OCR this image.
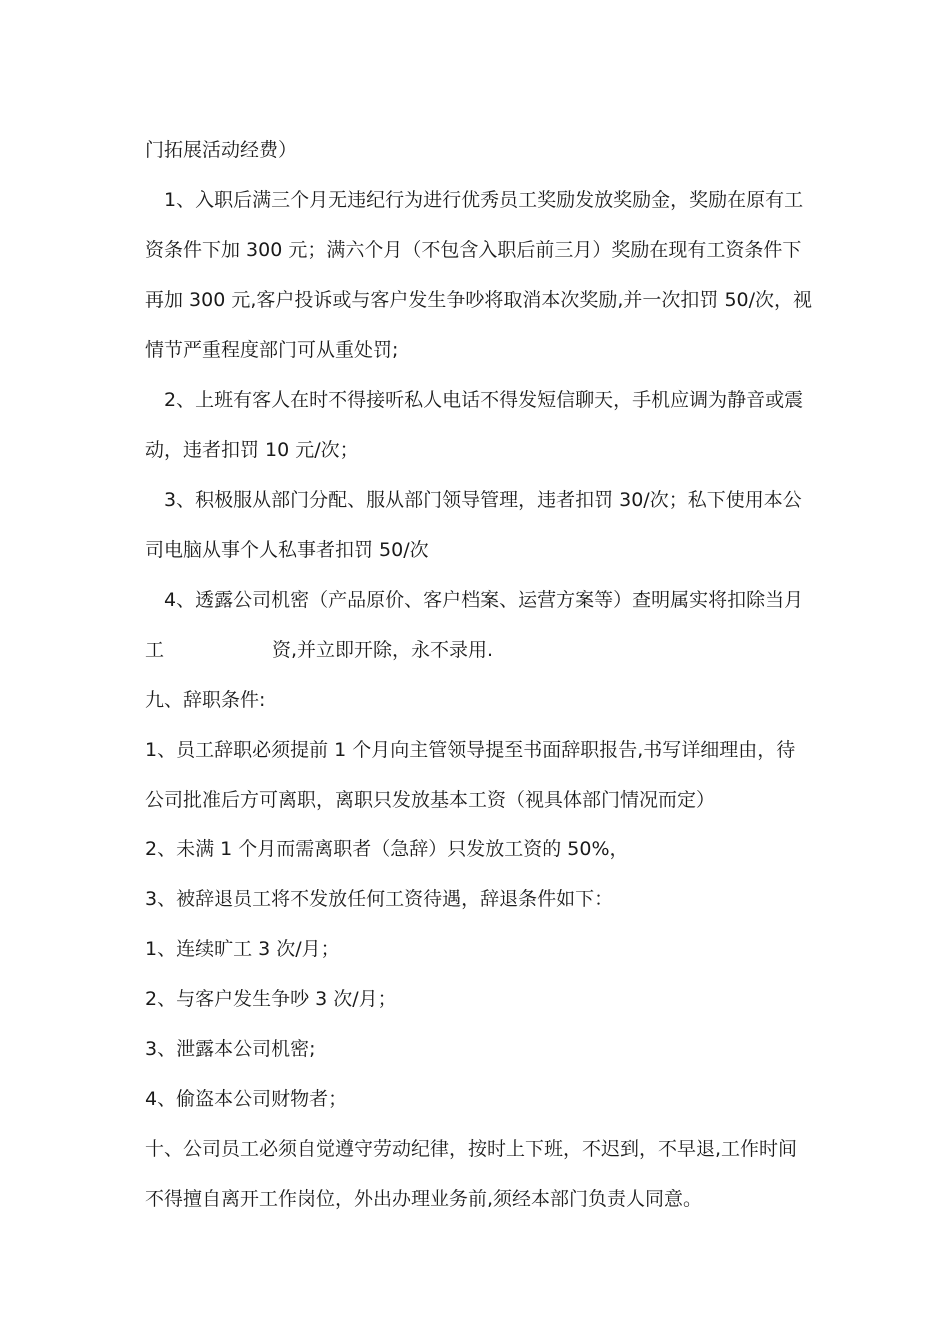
门拓展活动经费）
1、入职后满三个月无违纪行为进行优秀员工奖励发放奖励金，奖励在原有工
资条件下加 300 元；满六个月（不包含入职后前三月）奖励在现有工资条件下
再加 300 元,客户投诉或与客户发生争吵将取消本次奖励,并一次扣罚 50/次，视
情节严重程度部门可从重处罚;
2、上班有客人在时不得接听私人电话不得发短信聊天，手机应调为静音或震
动，违者扣罚 10 元/次；
3、积极服从部门分配、服从部门领导管理，违者扣罚 30/次；私下使用本公
司电脑从事个人私事者扣罚 50/次
4、透露公司机密（产品原价、客户档案、运营方案等）查明属实将扣除当月
工	资,并立即开除，永不录用.
九、辞职条件:
1、员工辞职必须提前 1 个月向主管领导提至书面辞职报告,书写详细理由，待
公司批准后方可离职，离职只发放基本工资（视具体部门情况而定）
2、未满 1 个月而需离职者（急辞）只发放工资的 50%，
3、被辞退员工将不发放任何工资待遇，辞退条件如下：
1、连续旷工 3 次/月；
2、与客户发生争吵 3 次/月；
3、泄露本公司机密;
4、偷盗本公司财物者；
十、公司员工必须自觉遵守劳动纪律，按时上下班，不迟到，不早退,工作时间
不得擅自离开工作岗位，外出办理业务前,须经本部门负责人同意。
